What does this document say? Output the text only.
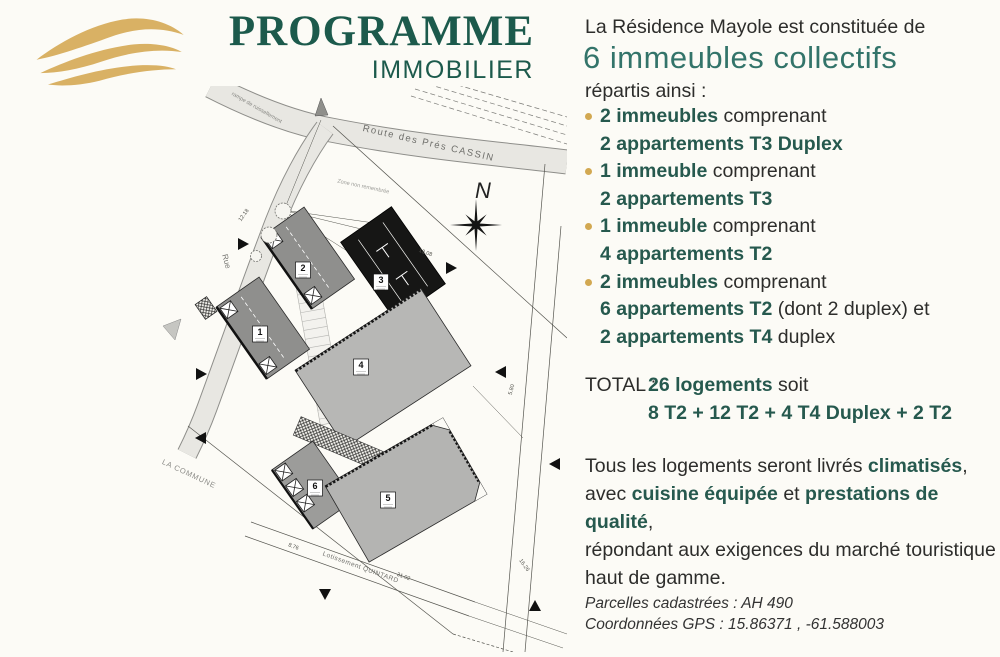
PROGRAMME
IMMOBILIER
1
2
3
4
5
6
N
Route des Prés CASSIN
Rue
LA COMMUNE
Lotissement QUINTARD
Zone non remembrée
rampe de ruissellement
12.18
18.08
5.80
8.76
31.02
16.26
La Résidence Mayole est constituée de
6 immeubles collectifs
répartis ainsi :
2 immeubles comprenant
2 appartements T3 Duplex
1 immeuble comprenant
2 appartements T3
1 immeuble comprenant
4 appartements T2
2 immeubles comprenant
6 appartements T2 (dont 2 duplex) et
2 appartements T4 duplex
TOTAL :26 logements soit
8 T2 + 12 T2 + 4 T4 Duplex + 2 T2
Tous les logements seront livrés climatisés,
avec cuisine équipée et prestations de qualité,
répondant aux exigences du marché touristique
haut de gamme.
Parcelles cadastrées : AH 490
Coordonnées GPS : 15.86371 , -61.588003
